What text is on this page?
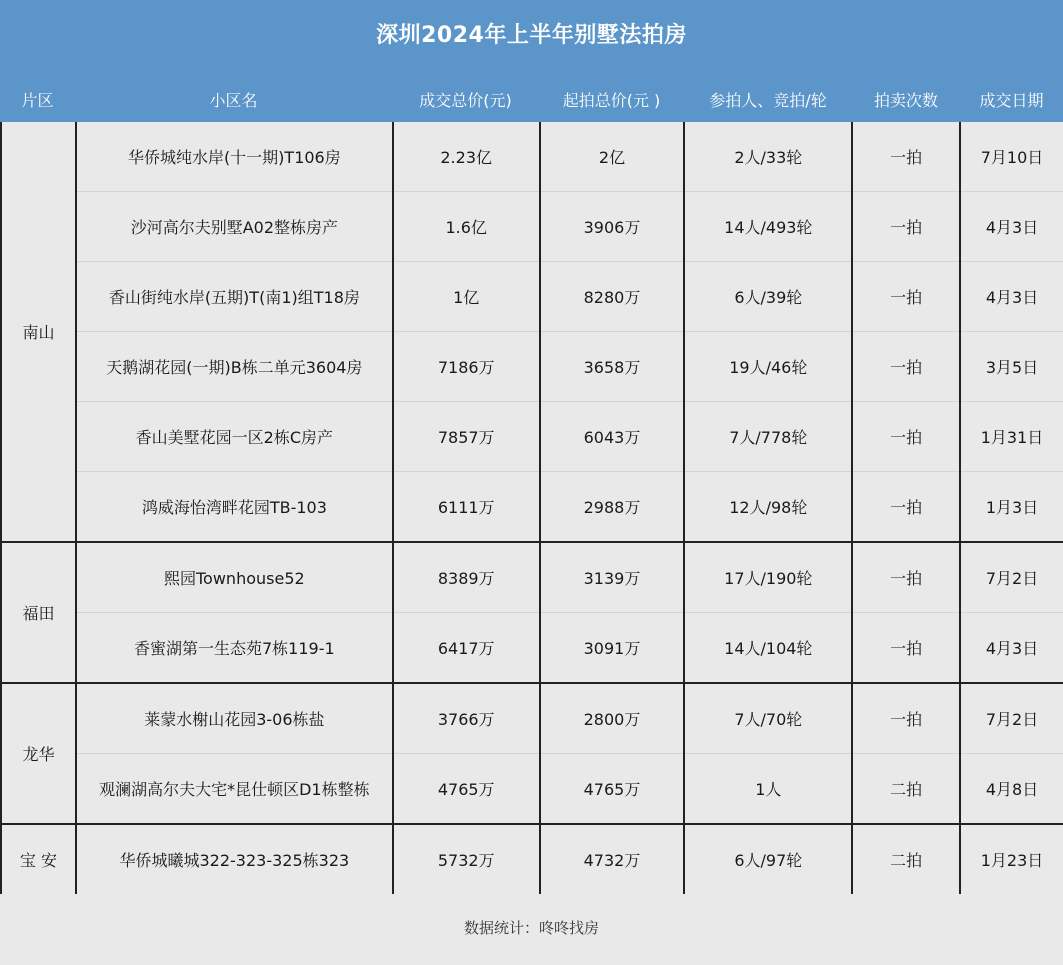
深圳2024年上半年别墅法拍房
片区	小区名	成交总价(元)	起拍总价(元 )	参拍人、竞拍/轮	拍卖次数	成交日期
南山	华侨城纯水岸(十一期)T106房	2.23亿	2亿	2人/33轮	一拍	7月10日
	沙河高尔夫别墅A02整栋房产	1.6亿	3906万	14人/493轮	一拍	4月3日
	香山街纯水岸(五期)T(南1)组T18房	1亿	8280万	6人/39轮	一拍	4月3日
	天鹅湖花园(一期)B栋二单元3604房	7186万	3658万	19人/46轮	一拍	3月5日
	香山美墅花园一区2栋C房产	7857万	6043万	7人/778轮	一拍	1月31日
	鸿威海怡湾畔花园TB-103	6111万	2988万	12人/98轮	一拍	1月3日
福田	熙园Townhouse52	8389万	3139万	17人/190轮	一拍	7月2日
	香蜜湖第一生态苑7栋119-1	6417万	3091万	14人/104轮	一拍	4月3日
龙华	莱蒙水榭山花园3-06栋盐	3766万	2800万	7人/70轮	一拍	7月2日
	观澜湖高尔夫大宅*昆仕顿区D1栋整栋	4765万	4765万	1人	二拍	4月8日
宝 安	华侨城曦城322-323-325栋323	5732万	4732万	6人/97轮	二拍	1月23日
数据统计：咚咚找房
